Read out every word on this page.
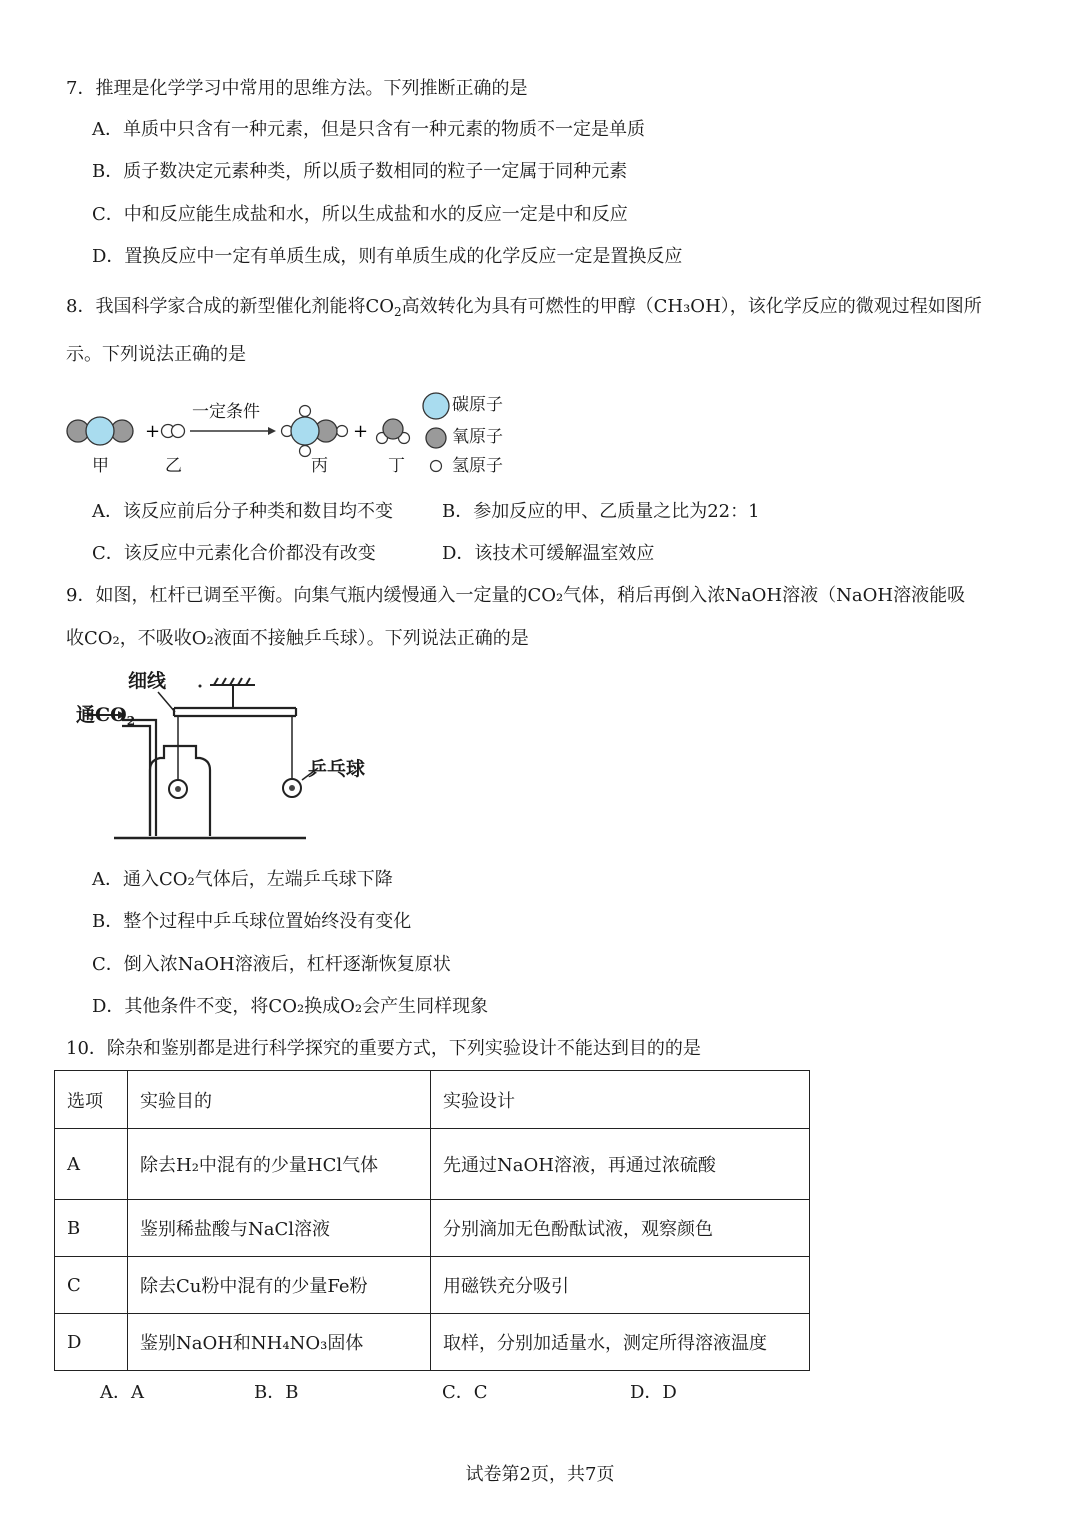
7．推理是化学学习中常用的思维方法。下列推断正确的是
A．单质中只含有一种元素，但是只含有一种元素的物质不一定是单质
B．质子数决定元素种类，所以质子数相同的粒子一定属于同种元素
C．中和反应能生成盐和水，所以生成盐和水的反应一定是中和反应
D．置换反应中一定有单质生成，则有单质生成的化学反应一定是置换反应
8．我国科学家合成的新型催化剂能将$CO_2$高效转化为具有可燃性的甲醇（CH₃OH），该化学反应的微观过程如图所
示。下列说法正确的是
+	+
一定条件
甲	乙	丙	丁
碳原子
氧原子
氢原子
A．该反应前后分子种类和数目均不变	B．参加反应的甲、乙质量之比为22：1
C．该反应中元素化合价都没有改变	D．该技术可缓解温室效应
9．如图，杠杆已调至平衡。向集气瓶内缓慢通入一定量的CO₂气体，稍后再倒入浓NaOH溶液（NaOH溶液能吸
收CO₂，不吸收O₂液面不接触乒乓球）。下列说法正确的是
细线
通$CO_2$
乒乓球
A．通入CO₂气体后，左端乒乓球下降
B．整个过程中乒乓球位置始终没有变化
C．倒入浓NaOH溶液后，杠杆逐渐恢复原状
D．其他条件不变，将CO₂换成O₂会产生同样现象
10．除杂和鉴别都是进行科学探究的重要方式，下列实验设计不能达到目的的是
选项	实验目的	实验设计
A	除去H₂中混有的少量HCl气体	先通过NaOH溶液，再通过浓硫酸
B	鉴别稀盐酸与NaCl溶液	分别滴加无色酚酞试液，观察颜色
C	除去Cu粉中混有的少量Fe粉	用磁铁充分吸引
D	鉴别NaOH和NH₄NO₃固体	取样，分别加适量水，测定所得溶液温度
A．A	B．B	C．C	D．D
试卷第2页，共7页
